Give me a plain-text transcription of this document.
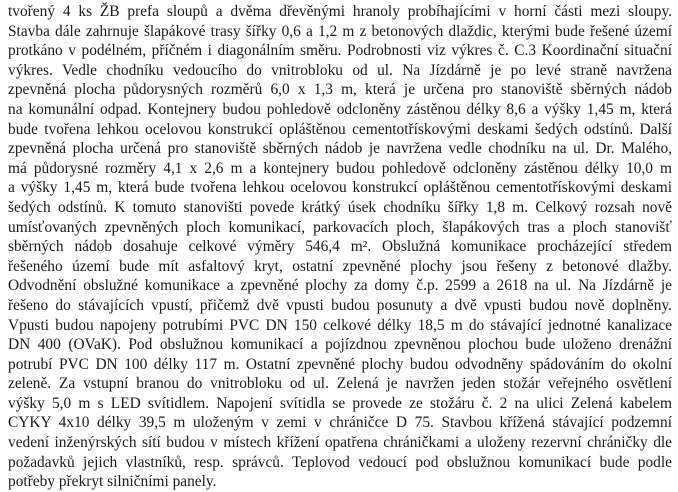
tvořený 4 ks ŽB prefa sloupů a dvěma dřevěnými hranoly probíhajícími v horní části mezi sloupy.
Stavba dále zahrnuje šlapákové trasy šířky 0,6 a 1,2 m z betonových dlaždic, kterými bude řešené území
protkáno v podélném, příčném i diagonálním směru. Podrobnosti viz výkres č. C.3 Koordinační situační
výkres. Vedle chodníku vedoucího do vnitrobloku od ul. Na Jízdárně je po levé straně navržena
zpevněná plocha půdorysných rozměrů 6,0 x 1,3 m, která je určena pro stanoviště sběrných nádob
na komunální odpad. Kontejnery budou pohledově odcloněny zástěnou délky 8,6 a výšky 1,45 m, která
bude tvořena lehkou ocelovou konstrukcí opláštěnou cementotřískovými deskami šedých odstínů. Další
zpevněná plocha určená pro stanoviště sběrných nádob je navržena vedle chodníku na ul. Dr. Malého,
má půdorysné rozměry 4,1 x 2,6 m a kontejnery budou pohledově odcloněny zástěnou délky 10,0 m
a výšky 1,45 m, která bude tvořena lehkou ocelovou konstrukcí opláštěnou cementotřískovými deskami
šedých odstínů. K tomuto stanovišti povede krátký úsek chodníku šířky 1,8 m. Celkový rozsah nově
umísťovaných zpevněných ploch komunikací, parkovacích ploch, šlapákových tras a ploch stanovišť
sběrných nádob dosahuje celkové výměry 546,4 m². Obslužná komunikace procházející středem
řešeného území bude mít asfaltový kryt, ostatní zpevněné plochy jsou řešeny z betonové dlažby.
Odvodnění obslužné komunikace a zpevněné plochy za domy č.p. 2599 a 2618 na ul. Na Jízdárně je
řešeno do stávajících vpustí, přičemž dvě vpusti budou posunuty a dvě vpusti budou nově doplněny.
Vpusti budou napojeny potrubími PVC DN 150 celkové délky 18,5 m do stávající jednotné kanalizace
DN 400 (OVaK). Pod obslužnou komunikací a pojízdnou zpevněnou plochou bude uloženo drenážní
potrubí PVC DN 100 délky 117 m. Ostatní zpevněné plochy budou odvodněny spádováním do okolní
zeleně. Za vstupní branou do vnitrobloku od ul. Zelená je navržen jeden stožár veřejného osvětlení
výšky 5,0 m s LED svítidlem. Napojení svítidla se provede ze stožáru č. 2 na ulici Zelená kabelem
CYKY 4x10 délky 39,5 m uloženým v zemi v chráničce D 75. Stavbou křížená stávající podzemní
vedení inženýrských sítí budou v místech křížení opatřena chráničkami a uloženy rezervní chráničky dle
požadavků jejich vlastníků, resp. správců. Teplovod vedoucí pod obslužnou komunikací bude podle
potřeby překryt silničními panely.
